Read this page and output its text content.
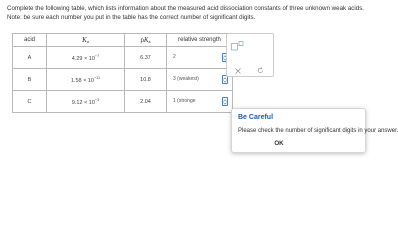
Complete the following table, which lists information about the measured acid dissociation constants of three unknown weak acids.
Note: be sure each number you put in the table has the correct number of significant digits.
acid	Ka	pKa	relative strength
A	$4.29 \times 10^{-7}$	6.37	2

B	$1.58 \times 10^{-11}$	10.8	3 (weakest)

C	$9.12 \times 10^{-3}$	2.04	1 (stronge
Be Careful
Please check the number of significant digits in your answer.
OK
